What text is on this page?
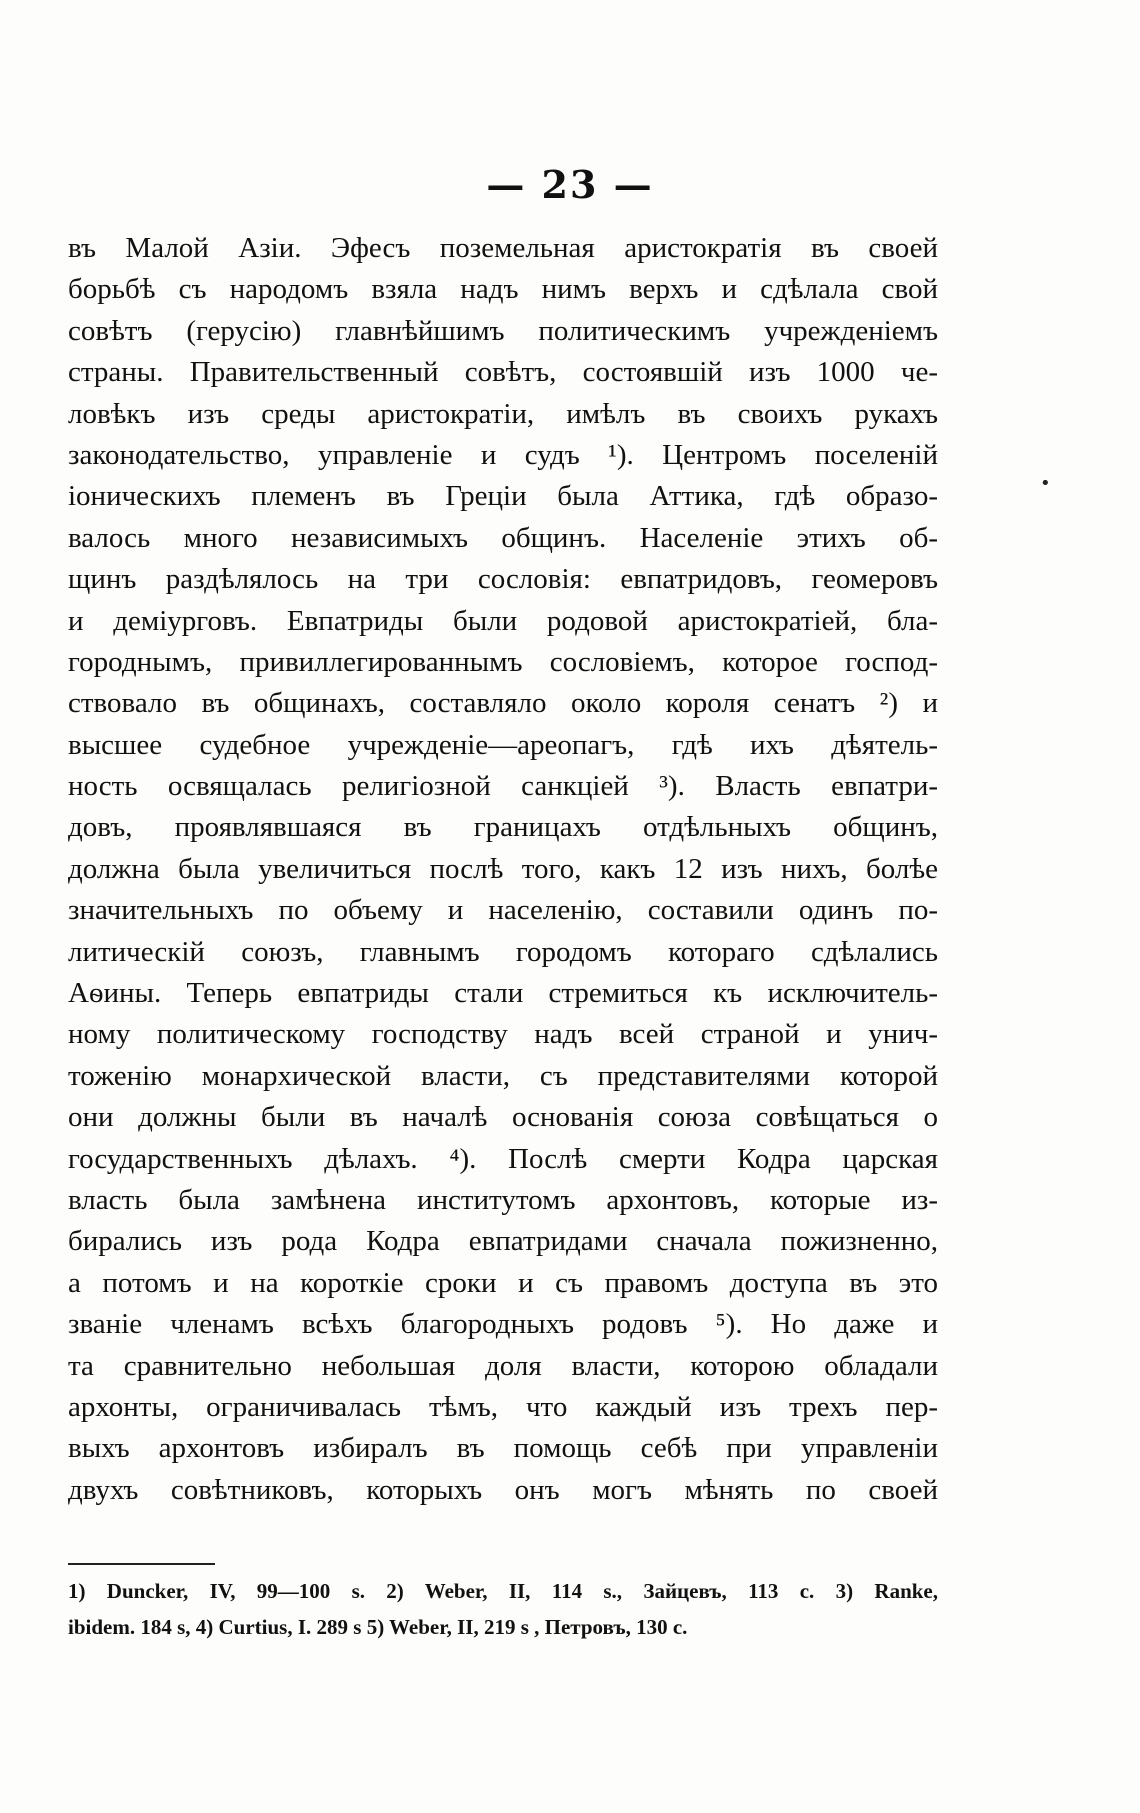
— 23 —
въ Малой Азіи. Эфесъ поземельная аристократія въ своей
борьбѣ съ народомъ взяла надъ нимъ верхъ и сдѣлала свой
совѣтъ (герусію) главнѣйшимъ политическимъ учрежденіемъ
страны. Правительственный совѣтъ, состоявшій изъ 1000 че-
ловѣкъ изъ среды аристократіи, имѣлъ въ своихъ рукахъ
законодательство, управленіе и судъ ¹). Центромъ поселеній
іоническихъ племенъ въ Греціи была Аттика, гдѣ образо-
валось много независимыхъ общинъ. Населеніе этихъ об-
щинъ раздѣлялось на три сословія: евпатридовъ, геомеровъ
и деміурговъ. Евпатриды были родовой аристократіей, бла-
городнымъ, привиллегированнымъ сословіемъ, которое господ-
ствовало въ общинахъ, составляло около короля сенатъ ²) и
высшее судебное учрежденіе—ареопагъ, гдѣ ихъ дѣятель-
ность освящалась религіозной санкціей ³). Власть евпатри-
довъ, проявлявшаяся въ границахъ отдѣльныхъ общинъ,
должна была увеличиться послѣ того, какъ 12 изъ нихъ, болѣе
значительныхъ по объему и населенію, составили одинъ по-
литическій союзъ, главнымъ городомъ котораго сдѣлались
Аѳины. Теперь евпатриды стали стремиться къ исключитель-
ному политическому господству надъ всей страной и унич-
тоженію монархической власти, съ представителями которой
они должны были въ началѣ основанія союза совѣщаться о
государственныхъ дѣлахъ. ⁴). Послѣ смерти Кодра царская
власть была замѣнена институтомъ архонтовъ, которые из-
бирались изъ рода Кодра евпатридами сначала пожизненно,
а потомъ и на короткіе сроки и съ правомъ доступа въ это
званіе членамъ всѣхъ благородныхъ родовъ ⁵). Но даже и
та сравнительно небольшая доля власти, которою обладали
архонты, ограничивалась тѣмъ, что каждый изъ трехъ пер-
выхъ архонтовъ избиралъ въ помощь себѣ при управленіи
двухъ совѣтниковъ, которыхъ онъ могъ мѣнять по своей
1) Duncker, IV, 99—100 s. 2) Weber, II, 114 s., Зайцевъ, 113 с. 3) Ranke,
ibidem. 184 s, 4) Curtius, I. 289 s 5) Weber, II, 219 s , Петровъ, 130 с.
•
